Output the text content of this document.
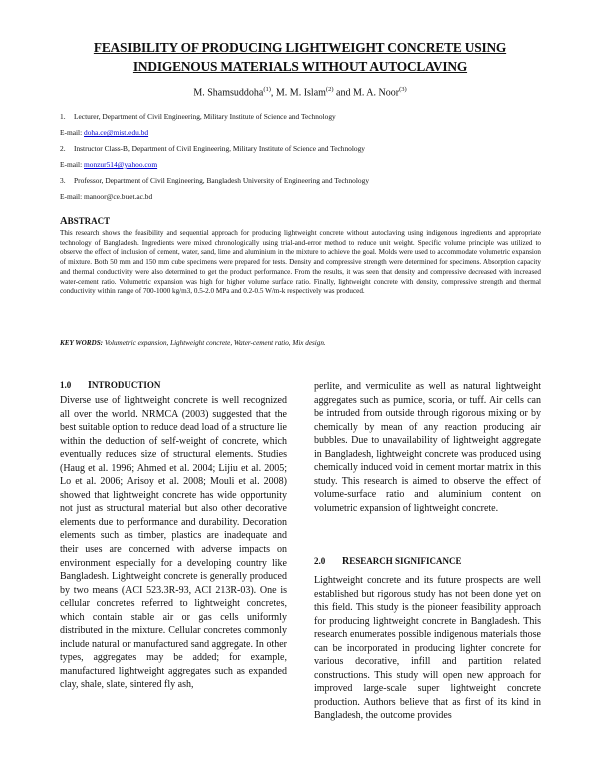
FEASIBILITY OF PRODUCING LIGHTWEIGHT CONCRETE USING
INDIGENOUS MATERIALS WITHOUT AUTOCLAVING
M. Shamsuddoha$^{(1)}$, M. M. Islam$^{(2)}$ and M. A. Noor$^{(3)}$
1. Lecturer, Department of Civil Engineering, Military Institute of Science and Technology
E-mail: doha.ce@mist.edu.bd
2. Instructor Class-B, Department of Civil Engineering, Military Institute of Science and Technology
E-mail: monzur514@yahoo.com
3. Professor, Department of Civil Engineering, Bangladesh University of Engineering and Technology
E-mail: manoor@ce.buet.ac.bd
ABSTRACT
This research shows the feasibility and sequential approach for producing lightweight concrete without autoclaving using indigenous ingredients and appropriate technology of Bangladesh. Ingredients were mixed chronologically using trial-and-error method to reduce unit weight. Specific volume principle was utilized to observe the effect of inclusion of cement, water, sand, lime and aluminium in the mixture to achieve the goal. Molds were used to accommodate volumetric expansion of mixture. Both 50 mm and 150 mm cube specimens were prepared for tests. Density and compressive strength were determined for specimens. Absorption capacity and thermal conductivity were also determined to get the product performance. From the results, it was seen that density and compressive decreased with increased water-cement ratio. Volumetric expansion was high for higher volume surface ratio. Finally, lightweight concrete with density, compressive strength and thermal conductivity within range of 700-1000 kg/m3, 0.5-2.0 MPa and 0.2-0.5 W/m-k respectively was produced.
KEY WORDS: Volumetric expansion, Lightweight concrete, Water-cement ratio, Mix design.
1.0 INTRODUCTION

Diverse use of lightweight concrete is well recognized all over the world. NRMCA (2003) suggested that the best suitable option to reduce dead load of a structure lie within the deduction of self-weight of concrete, which eventually reduces size of structural elements. Studies (Haug et al. 1996; Ahmed et al. 2004; Lijiu et al. 2005; Lo et al. 2006; Arisoy et al. 2008; Mouli et al. 2008) showed that lightweight concrete has wide opportunity not just as structural material but also other decorative elements due to performance and durability. Decoration elements such as timber, plastics are inadequate and their uses are concerned with adverse impacts on environment especially for a developing country like Bangladesh. Lightweight concrete is generally produced by two means (ACI 523.3R-93, ACI 213R-03). One is cellular concretes referred to lightweight concretes, which contain stable air or gas cells uniformly distributed in the mixture. Cellular concretes commonly include natural or manufactured sand aggregate. In other types, aggregates may be added; for example, manufactured lightweight aggregates such as expanded clay, shale, slate, sintered fly ash,

perlite, and vermiculite as well as natural lightweight aggregates such as pumice, scoria, or tuff. Air cells can be intruded from outside through rigorous mixing or by chemically by mean of any reaction producing air bubbles. Due to unavailability of lightweight aggregate in Bangladesh, lightweight concrete was produced using chemically induced void in cement mortar matrix in this study. This research is aimed to observe the effect of volume-surface ratio and aluminium content on volumetric expansion of lightweight concrete.

2.0 RESEARCH SIGNIFICANCE

Lightweight concrete and its future prospects are well established but rigorous study has not been done yet on this field. This study is the pioneer feasibility approach for producing lightweight concrete in Bangladesh. This research enumerates possible indigenous materials those can be incorporated in producing lighter concrete for various decorative, infill and partition related constructions. This study will open new approach for improved large-scale super lightweight concrete production. Authors believe that as first of its kind in Bangladesh, the outcome provides
